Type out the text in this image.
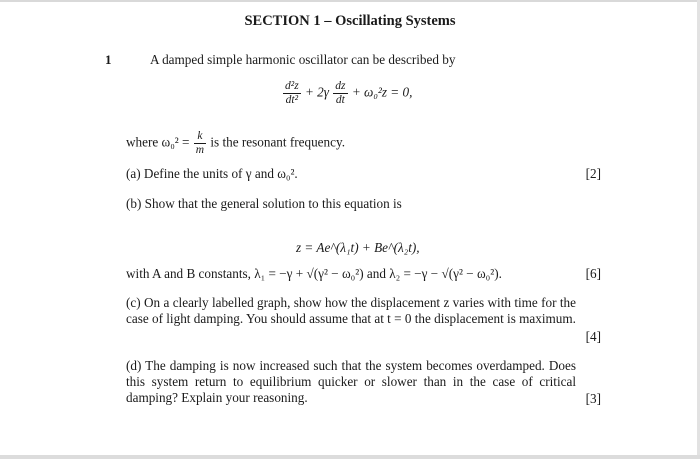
SECTION 1 – Oscillating Systems
1	A damped simple harmonic oscillator can be described by
$\frac{\text{d²z}}{\text{dt²}} + 2\gamma \frac{dz}{dt} + \omega_0^2z = 0$,
where $\omega_0^2 = \frac{k}{m}$ is the resonant frequency.
(a) Define the units of γ and ω₀².	[2]
(b) Show that the general solution to this equation is
z = Ae^(λ₁t) + Be^(λ₂t),
with A and B constants, λ₁ = −γ + √(γ² − ω₀²) and λ₂ = −γ − √(γ² − ω₀²).	[6]
(c) On a clearly labelled graph, show how the displacement z varies with time for the case of light damping. You should assume that at t = 0 the displacement is maximum.
[4]
(d) The damping is now increased such that the system becomes overdamped. Does this system return to equilibrium quicker or slower than in the case of critical damping? Explain your reasoning.	[3]
